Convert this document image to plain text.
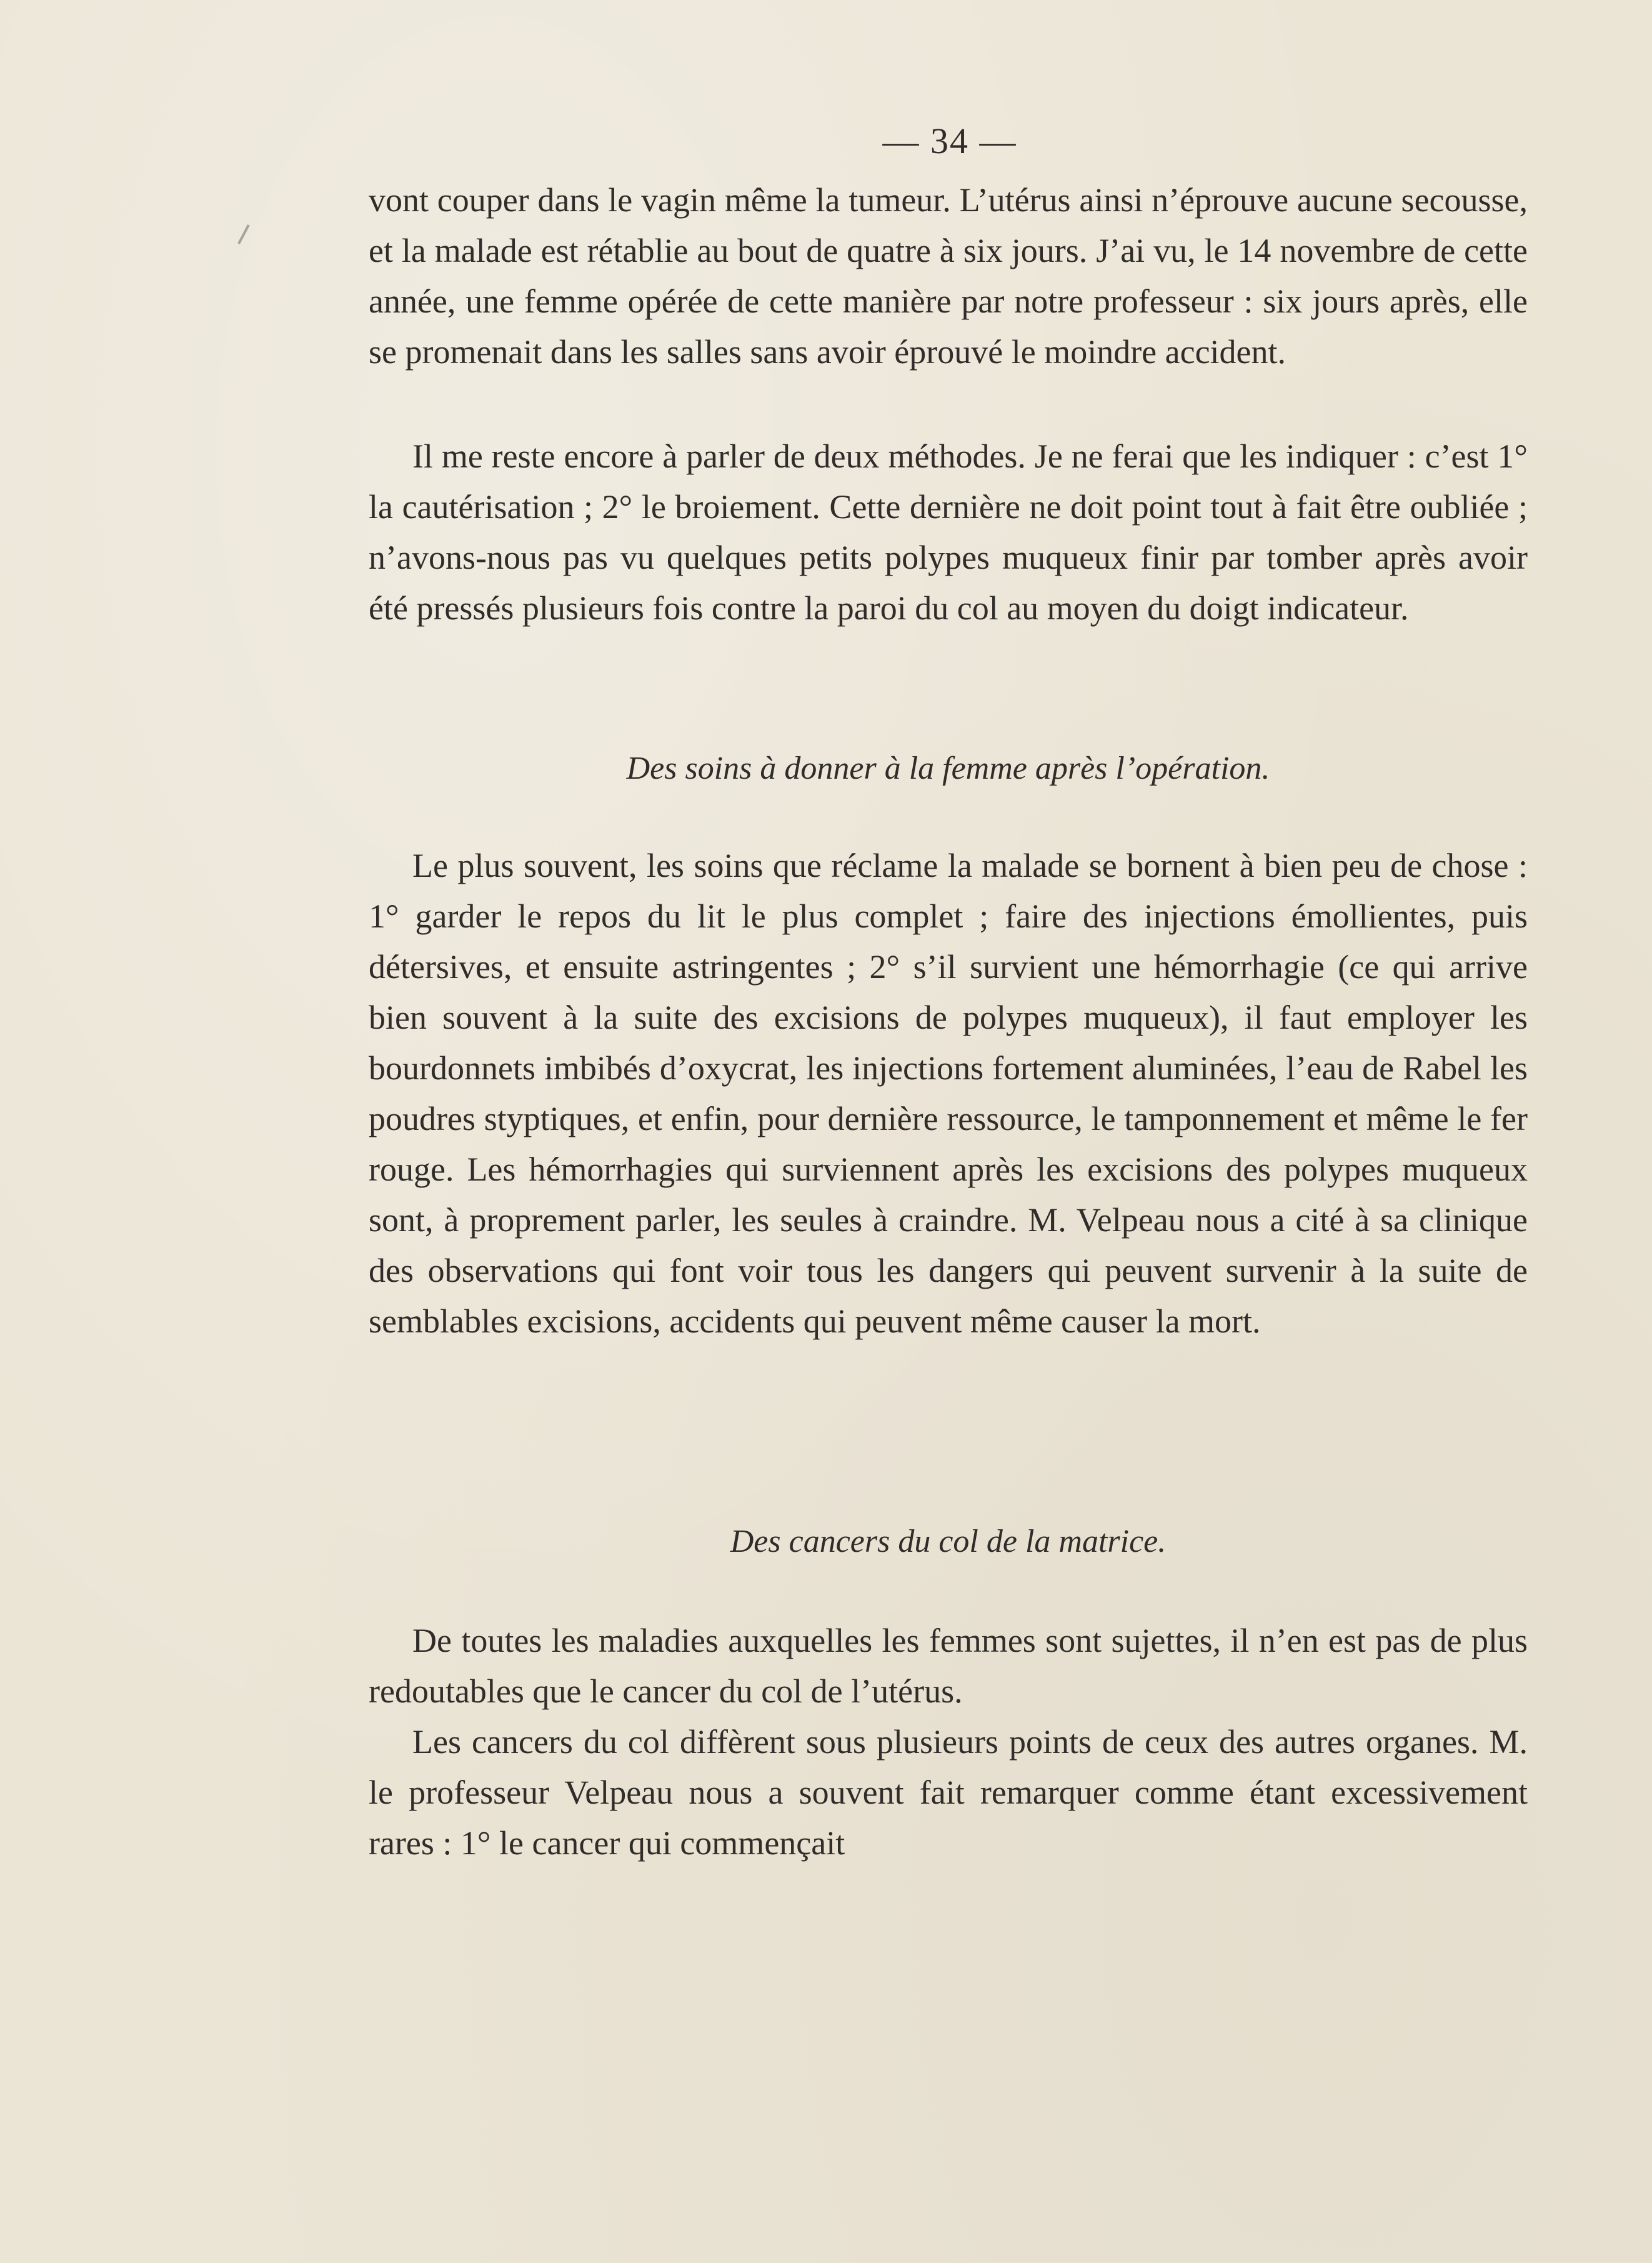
— 34 —

vont couper dans le vagin même la tumeur. L’utérus ainsi n’éprouve aucune secousse, et la malade est rétablie au bout de quatre à six jours. J’ai vu, le 14 novembre de cette année, une femme opérée de cette manière par notre professeur : six jours après, elle se promenait dans les salles sans avoir éprouvé le moindre accident.

Il me reste encore à parler de deux méthodes. Je ne ferai que les indiquer : c’est 1° la cautérisation ; 2° le broiement. Cette dernière ne doit point tout à fait être oubliée ; n’avons-nous pas vu quelques petits polypes muqueux finir par tomber après avoir été pressés plusieurs fois contre la paroi du col au moyen du doigt indicateur.

Des soins à donner à la femme après l’opération.

Le plus souvent, les soins que réclame la malade se bornent à bien peu de chose : 1° garder le repos du lit le plus complet ; faire des injections émollientes, puis détersives, et ensuite astringentes ; 2° s’il survient une hémorrhagie (ce qui arrive bien souvent à la suite des excisions de polypes muqueux), il faut employer les bourdonnets imbibés d’oxycrat, les injections fortement aluminées, l’eau de Rabel les poudres styptiques, et enfin, pour dernière ressource, le tamponnement et même le fer rouge. Les hémorrhagies qui surviennent après les excisions des polypes muqueux sont, à proprement parler, les seules à craindre. M. Velpeau nous a cité à sa clinique des observations qui font voir tous les dangers qui peuvent survenir à la suite de semblables excisions, accidents qui peuvent même causer la mort.

Des cancers du col de la matrice.

De toutes les maladies auxquelles les femmes sont sujettes, il n’en est pas de plus redoutables que le cancer du col de l’utérus.

Les cancers du col diffèrent sous plusieurs points de ceux des autres organes. M. le professeur Velpeau nous a souvent fait remarquer comme étant excessivement rares : 1° le cancer qui commençait
